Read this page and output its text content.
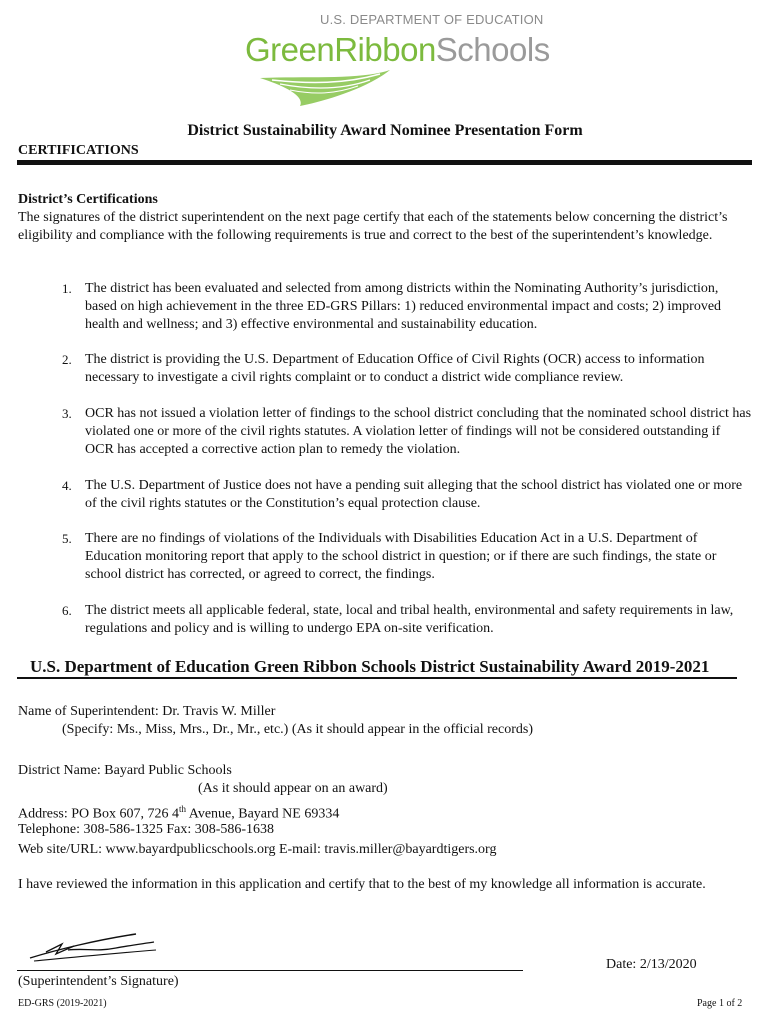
U.S. DEPARTMENT OF EDUCATION
GreenRibbonSchools
District Sustainability Award Nominee Presentation Form
CERTIFICATIONS
District’s Certifications
The signatures of the district superintendent on the next page certify that each of the statements below concerning the district’s eligibility and compliance with the following requirements is true and correct to the best of the superintendent’s knowledge.
1. The district has been evaluated and selected from among districts within the Nominating Authority’s jurisdiction, based on high achievement in the three ED-GRS Pillars: 1) reduced environmental impact and costs; 2) improved health and wellness; and 3) effective environmental and sustainability education.
2. The district is providing the U.S. Department of Education Office of Civil Rights (OCR) access to information necessary to investigate a civil rights complaint or to conduct a district wide compliance review.
3. OCR has not issued a violation letter of findings to the school district concluding that the nominated school district has violated one or more of the civil rights statutes. A violation letter of findings will not be considered outstanding if OCR has accepted a corrective action plan to remedy the violation.
4. The U.S. Department of Justice does not have a pending suit alleging that the school district has violated one or more of the civil rights statutes or the Constitution’s equal protection clause.
5. There are no findings of violations of the Individuals with Disabilities Education Act in a U.S. Department of Education monitoring report that apply to the school district in question; or if there are such findings, the state or school district has corrected, or agreed to correct, the findings.
6. The district meets all applicable federal, state, local and tribal health, environmental and safety requirements in law, regulations and policy and is willing to undergo EPA on-site verification.
U.S. Department of Education Green Ribbon Schools District Sustainability Award 2019-2021
Name of Superintendent: Dr. Travis W. Miller
(Specify: Ms., Miss, Mrs., Dr., Mr., etc.) (As it should appear in the official records)
District Name: Bayard Public Schools
(As it should appear on an award)
Address: PO Box 607, 726 4th Avenue, Bayard NE 69334
Telephone: 308-586-1325 Fax: 308-586-1638
Web site/URL: www.bayardpublicschools.org E-mail: travis.miller@bayardtigers.org
I have reviewed the information in this application and certify that to the best of my knowledge all information is accurate.
Date: 2/13/2020
(Superintendent’s Signature)
ED-GRS (2019-2021)	Page 1 of 2
